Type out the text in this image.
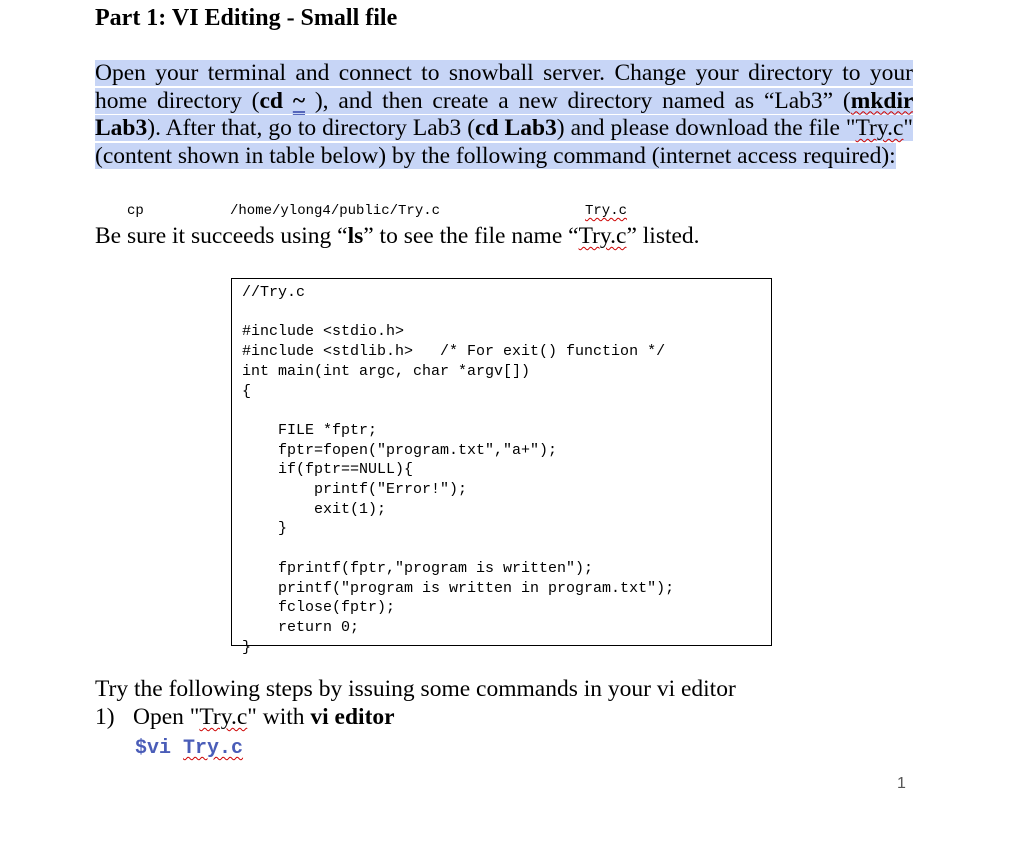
Part 1: VI Editing - Small file

Open your terminal and connect to snowball server. Change your directory to your home directory (cd ~ ), and then create a new directory named as “Lab3” (mkdir Lab3). After that, go to directory Lab3 (cd Lab3) and please download the file "Try.c" (content shown in table below) by the following command (internet access required):

cp	/home/ylong4/public/Try.c	Try.c
Be sure it succeeds using “ls” to see the file name “Try.c” listed.
//Try.c

#include <stdio.h>
#include <stdlib.h>   /* For exit() function */
int main(int argc, char *argv[])
{

FILE *fptr;
fptr=fopen("program.txt","a+");
if(fptr==NULL){
printf("Error!");
exit(1);
}

fprintf(fptr,"program is written");
printf("program is written in program.txt");
fclose(fptr);
return 0;
}
Try the following steps by issuing some commands in your vi editor
1) Open "Try.c" with vi editor
$vi Try.c
1
